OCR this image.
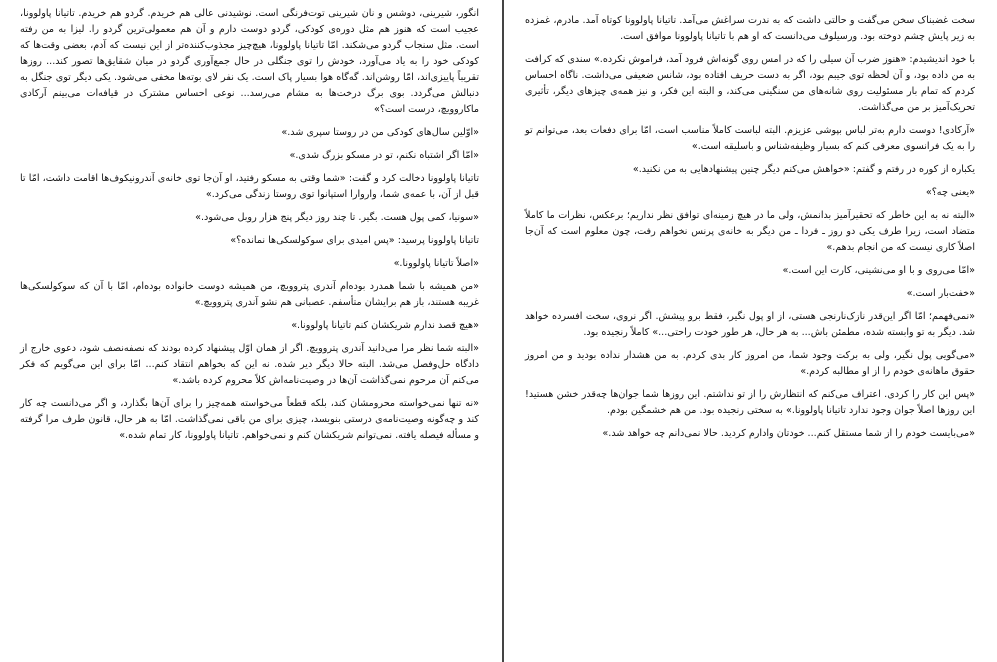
انگور، شیرینی، دوشس و نان شیرینی توت‌فرنگی است. نوشیدنی عالی هم خریدم. گردو هم خریدم. تاتیانا پاولوونا، عجیب است که هنوز هم مثل دوره‌ی کودکی، گردو دوست دارم و آن هم معمولی‌ترین گردو را. لیزا به من رفته است. مثل سنجاب گردو می‌شکند. امّا تاتیانا پاولوونا، هیچ‌چیز مجذوب‌کننده‌تر از این نیست که آدم، بعضی وقت‌ها که کودکی خود را به یاد می‌آورد، خودش را توی جنگلی در حال جمع‌آوری گردو در میان شقایق‌ها تصور کند... روزها تقریباً پاییزی‌اند، امّا روشن‌اند. گه‌گاه هوا بسیار پاک است. یک نفر لای بوته‌ها مخفی می‌شود. یکی دیگر توی جنگل به دنبالش می‌گردد. بوی برگ درخت‌ها به مشام می‌رسد... نوعی احساس مشترک در قیافه‌ات می‌بینم آرکادی ماکاروویچ، درست است؟»

«اوّلین سال‌های کودکی من در روستا سپری شد.»

«امّا اگر اشتباه نکنم، تو در مسکو بزرگ شدی.»

تاتیانا پاولوونا دخالت کرد و گفت: «شما وقتی به مسکو رفتید، او آن‌جا توی خانه‌ی آندرونیکوف‌ها اقامت داشت، امّا تا قبل از آن، با عمه‌ی شما، واروارا استپانوا توی روستا زندگی می‌کرد.»

«سونیا، کمی پول هست. بگیر. تا چند روز دیگر پنج هزار روبل می‌شود.»

تاتیانا پاولوونا پرسید: «پس امیدی برای سوکولسکی‌ها نمانده؟»

«اصلاً تاتیانا پاولوونا.»

«من همیشه با شما همدرد بوده‌ام آندری پتروویچ، من همیشه دوست خانواده بوده‌ام، امّا با آن که سوکولسکی‌ها غریبه هستند، باز هم برایشان متأسفم. عصبانی هم نشو آندری پتروویچ.»

«هیچ قصد ندارم شریکشان کنم تاتیانا پاولوونا.»

«البته شما نظر مرا می‌دانید آندری پتروویچ. اگر از همان اوّل پیشنهاد کرده بودند که نصفه‌نصف شود، دعوی خارج از دادگاه حل‌وفصل می‌شد. البته حالا دیگر دیر شده. نه این که بخواهم انتقاد کنم... امّا برای این می‌گویم که فکر می‌کنم آن مرحوم نمی‌گذاشت آن‌ها در وصیت‌نامه‌اش کلاً محروم کرده باشد.»

«نه تنها نمی‌خواسته محرومشان کند، بلکه قطعاً می‌خواسته همه‌چیز را برای آن‌ها بگذارد، و اگر می‌دانست چه کار کند و چه‌گونه وصیت‌نامه‌ی درستی بنویسد، چیزی برای من باقی نمی‌گذاشت. امّا به هر حال، قانون طرف مرا گرفته و مسأله فیصله یافته. نمی‌توانم شریکشان کنم و نمی‌خواهم. تاتیانا پاولوونا، کار تمام شده.»

سخت غضبناک سخن می‌گفت و حالتی داشت که به ندرت سراغش می‌آمد. تاتیانا پاولوونا کوتاه آمد. مادرم، غمزده به زیر پایش چشم دوخته بود. ورسیلوف می‌دانست که او هم با تاتیانا پاولوونا موافق است.

با خود اندیشیدم: «هنوز ضرب آن سیلی را که در امس روی گونه‌اش فرود آمد، فراموش نکرده.» سندی که کرافت به من داده بود، و آن لحظه توی جیبم بود، اگر به دست حریف افتاده بود، شانس ضعیفی می‌داشت. ناگاه احساس کردم که تمام بار مسئولیت روی شانه‌های من سنگینی می‌کند، و البته این فکر، و نیز همه‌ی چیزهای دیگر، تأثیری تحریک‌آمیز بر من می‌گذاشت.

«آرکادی! دوست دارم به‌تر لباس بپوشی عزیزم. البته لباست کاملاً مناسب است، امّا برای دفعات بعد، می‌توانم تو را به یک فرانسوی معرفی کنم که بسیار وظیفه‌شناس و باسلیقه است.»

یکباره از کوره در رفتم و گفتم: «خواهش می‌کنم دیگر چنین پیشنهادهایی به من نکنید.»

«یعنی چه؟»

«البته نه به این خاطر که تحقیرآمیز بدانمش، ولی ما در هیچ زمینه‌ای توافق نظر نداریم؛ برعکس، نظرات ما کاملاً متضاد است، زیرا طرف یکی دو روز ـ فردا ـ من دیگر به خانه‌ی پرنس نخواهم رفت، چون معلوم است که آن‌جا اصلاً کاری نیست که من انجام بدهم.»

«امّا می‌روی و با او می‌نشینی، کارت این است.»

«خفت‌بار است.»

«نمی‌فهمم؛ امّا اگر این‌قدر نازک‌نارنجی هستی، از او پول نگیر، فقط برو پیشش. اگر نروی، سخت افسرده خواهد شد. دیگر به تو وابسته شده، مطمئن باش... به هر حال، هر طور خودت راحتی...» کاملاً رنجیده بود.

«می‌گویی پول نگیر، ولی به برکت وجود شما، من امروز کار بدی کردم. به من هشدار نداده بودید و من امروز حقوق ماهانه‌ی خودم را از او مطالبه کردم.»

«پس این کار را کردی. اعتراف می‌کنم که انتظارش را از تو نداشتم. این روزها شما جوان‌ها چه‌قدر خشن هستید! این روزها اصلاً جوان وجود ندارد تاتیانا پاولوونا.» به سختی رنجیده بود. من هم خشمگین بودم.

«می‌بایست خودم را از شما مستقل کنم... خودتان وادارم کردید. حالا نمی‌دانم چه خواهد شد.»
